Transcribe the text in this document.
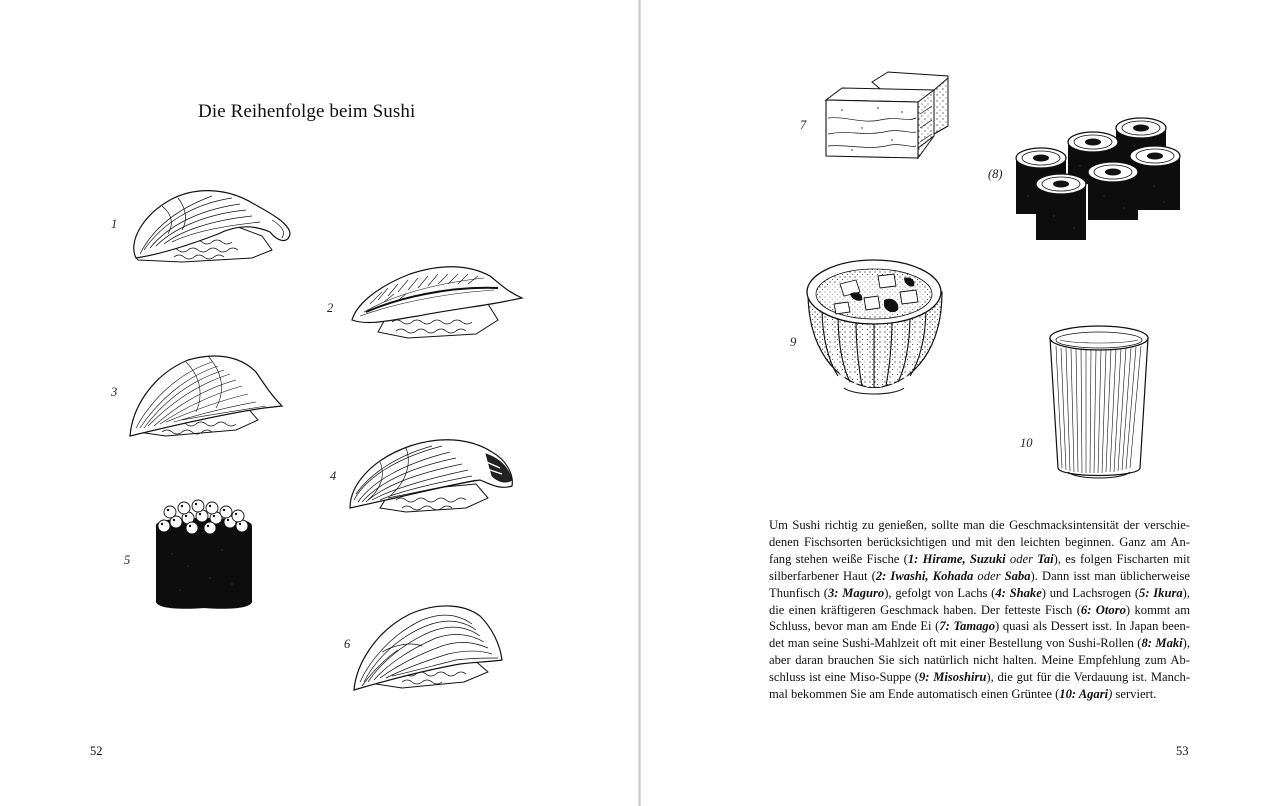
Die Reihenfolge beim Sushi
1
2
3
4
5
6
7
(8)
9
10

Um Sushi richtig zu genießen, sollte man die Geschmacksintensität der verschiedenen Fischsorten berücksichtigen und mit den leichten beginnen. Ganz am Anfang stehen weiße Fische (1: Hirame, Suzuki oder Tai), es folgen Fischarten mit silberfarbener Haut (2: Iwashi, Kohada oder Saba). Dann isst man üblicherweise Thunfisch (3: Maguro), gefolgt von Lachs (4: Shake) und Lachsrogen (5: Ikura), die einen kräftigeren Geschmack haben. Der fetteste Fisch (6: Otoro) kommt am Schluss, bevor man am Ende Ei (7: Tamago) quasi als Dessert isst. In Japan beendet man seine Sushi-Mahlzeit oft mit einer Bestellung von Sushi-Rollen (8: Maki), aber daran brauchen Sie sich natürlich nicht halten. Meine Empfehlung zum Abschluss ist eine Miso-Suppe (9: Misoshiru), die gut für die Verdauung ist. Manchmal bekommen Sie am Ende automatisch einen Grüntee (10: Agari) serviert.

52	53
